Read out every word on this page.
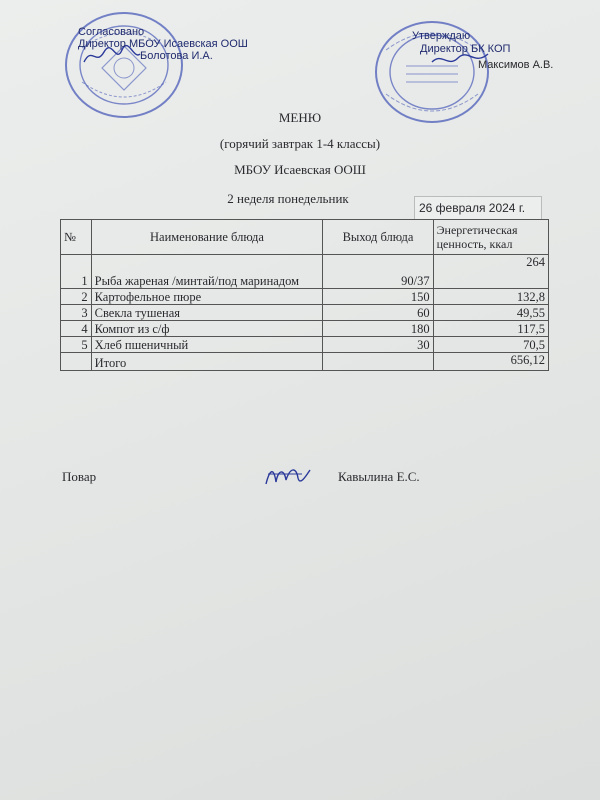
Согласовано
Директор МБОУ Исаевская ООШ
Болотова И.А.
Утверждаю
Директор БК КОП
Максимов А.В.
МЕНЮ
(горячий завтрак 1-4 классы)
МБОУ Исаевская ООШ
2 неделя понедельник
26 февраля 2024 г.
№	Наименование блюда	Выход блюда	Энергетическая ценность, ккал
1	Рыба жареная /минтай/под маринадом	90/37	264
2	Картофельное пюре	150	132,8
3	Свекла тушеная	60	49,55
4	Компот из с/ф	180	117,5
5	Хлеб пшеничный	30	70,5
	Итого		656,12
Повар	Кавылина Е.С.
